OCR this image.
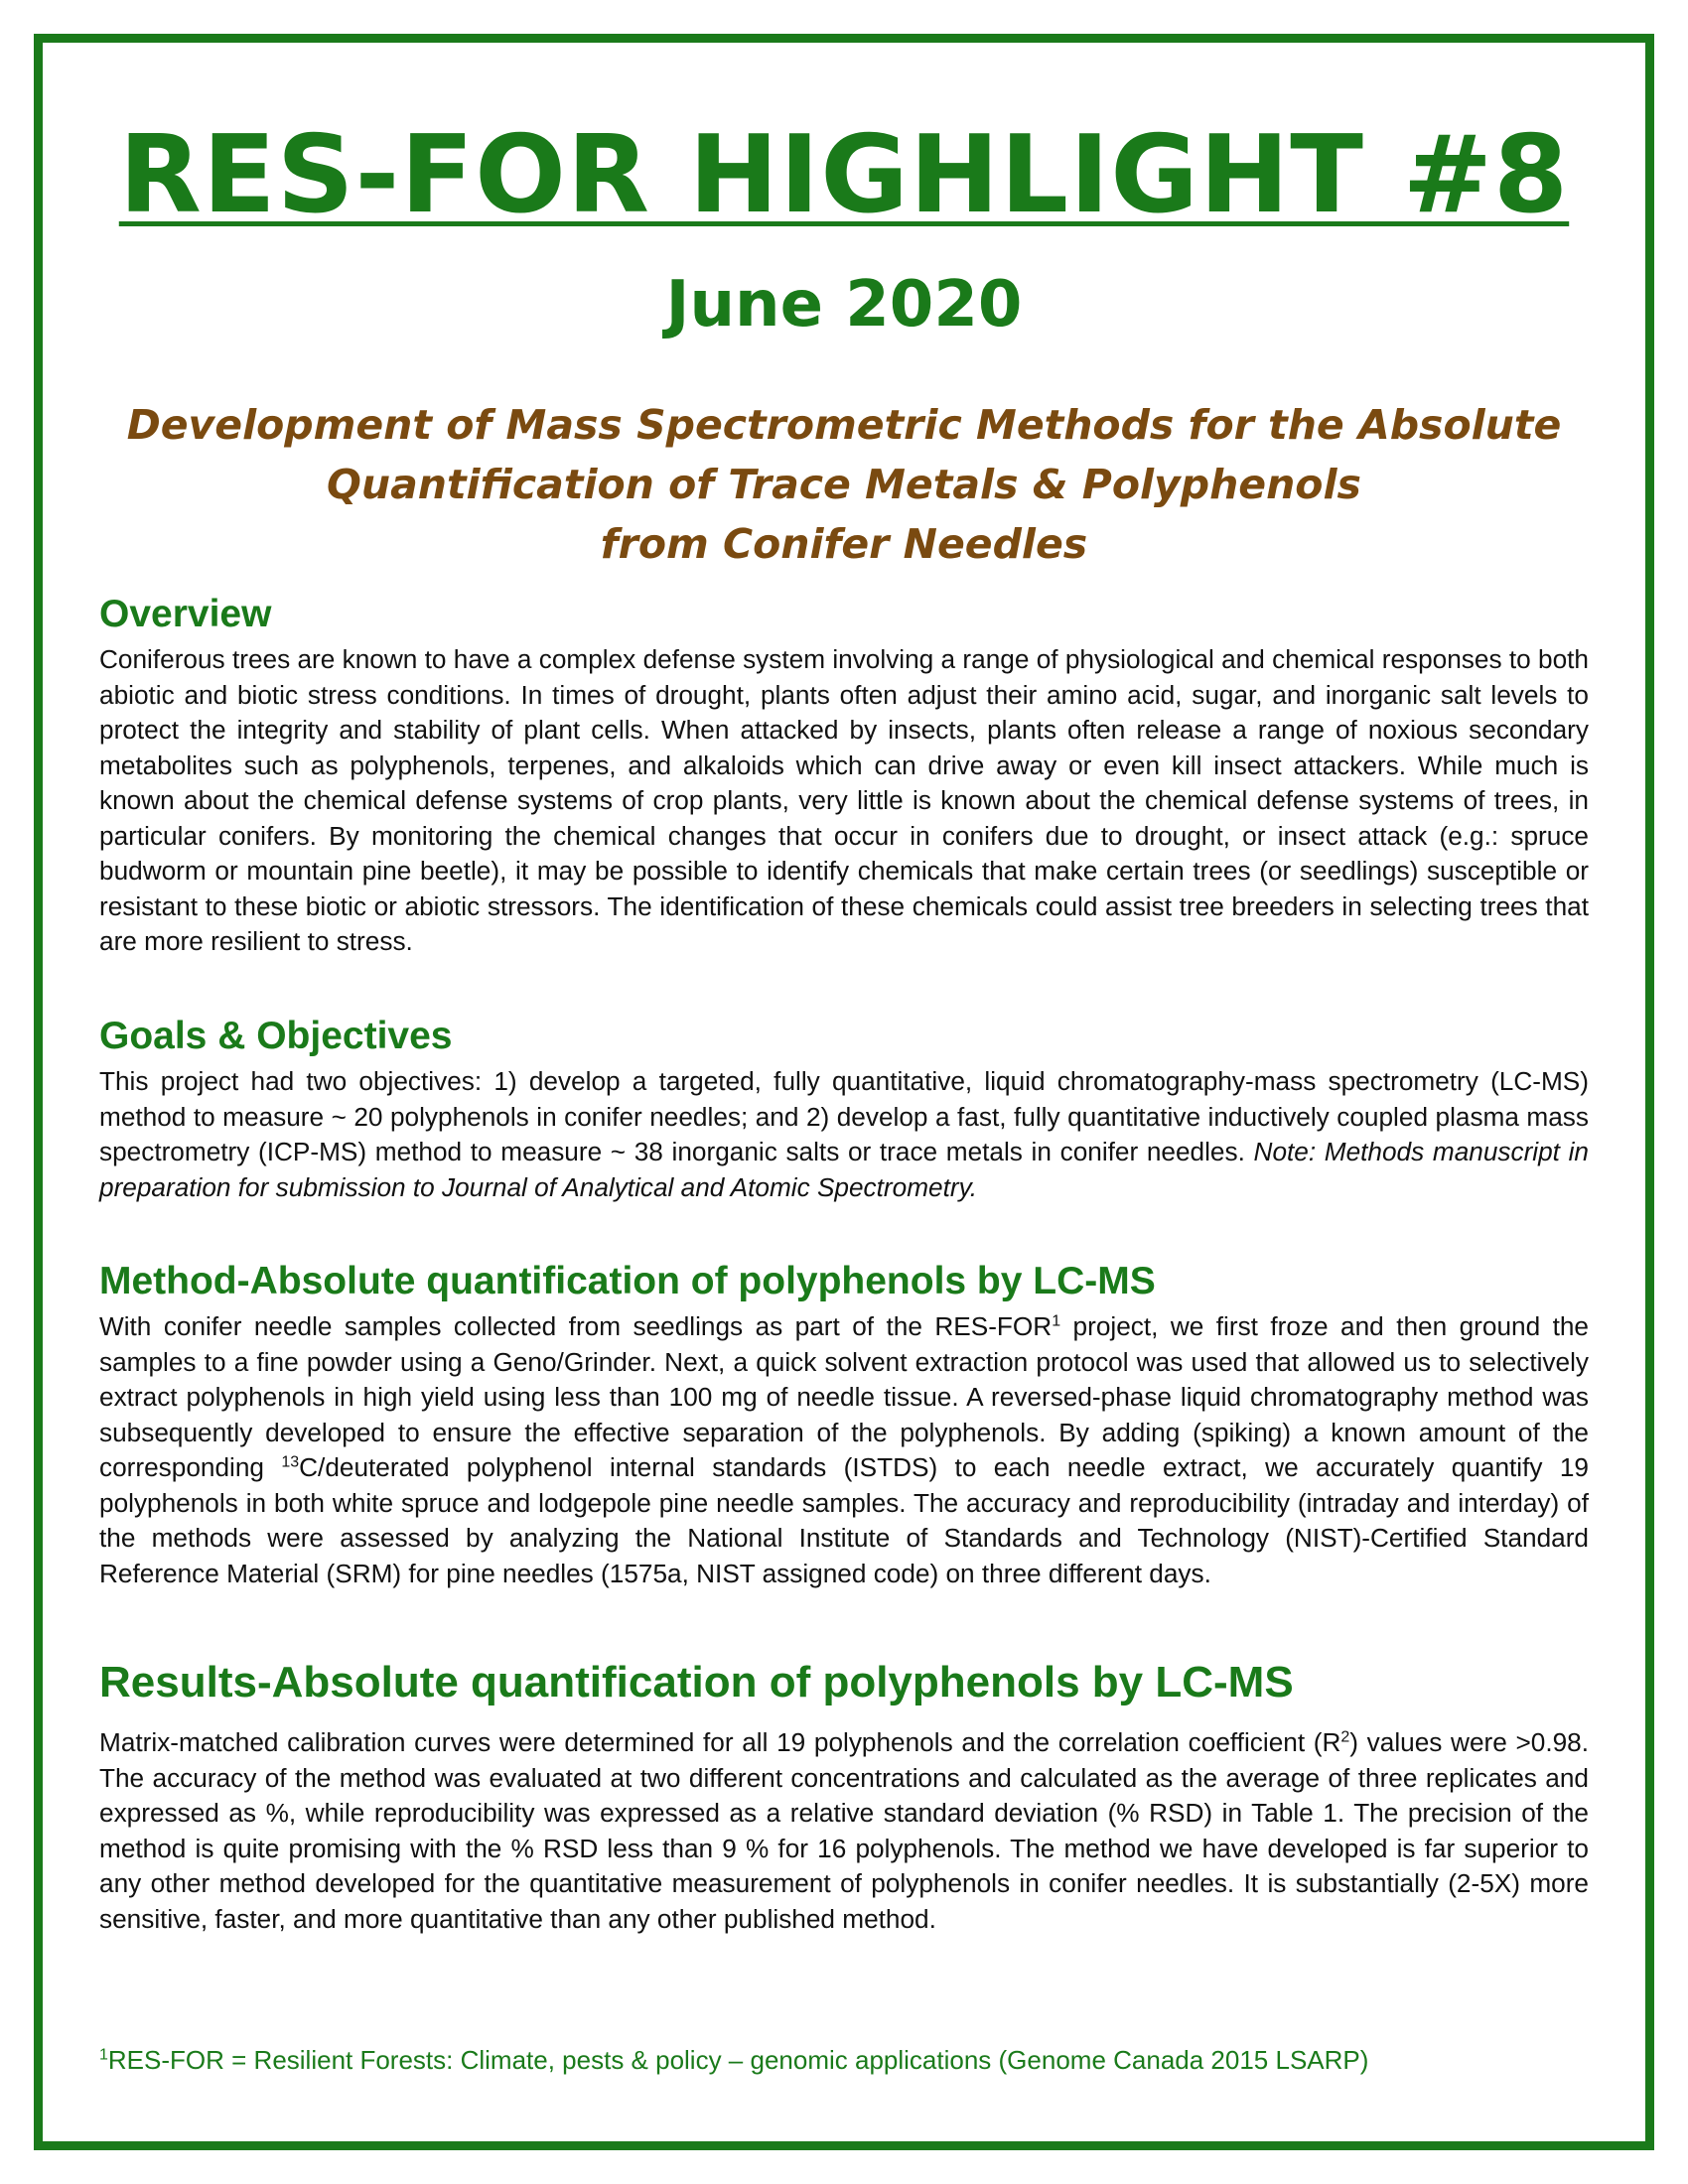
RES-FOR HIGHLIGHT #8
June 2020
Development of Mass Spectrometric Methods for the Absolute
Quantification of Trace Metals & Polyphenols
from Conifer Needles
Overview

Coniferous trees are known to have a complex defense system involving a range of physiological and chemical responses to both abiotic and biotic stress conditions. In times of drought, plants often adjust their amino acid, sugar, and inorganic salt levels to protect the integrity and stability of plant cells. When attacked by insects, plants often release a range of noxious secondary metabolites such as polyphenols, terpenes, and alkaloids which can drive away or even kill insect attackers. While much is known about the chemical defense systems of crop plants, very little is known about the chemical defense systems of trees, in particular conifers. By monitoring the chemical changes that occur in conifers due to drought, or insect attack (e.g.: spruce budworm or mountain pine beetle), it may be possible to identify chemicals that make certain trees (or seedlings) susceptible or resistant to these biotic or abiotic stressors. The identification of these chemicals could assist tree breeders in selecting trees that are more resilient to stress.

Goals & Objectives

This project had two objectives: 1) develop a targeted, fully quantitative, liquid chromatography-mass spectrometry (LC-MS) method to measure ~ 20 polyphenols in conifer needles; and 2) develop a fast, fully quantitative inductively coupled plasma mass spectrometry (ICP-MS) method to measure ~ 38 inorganic salts or trace metals in conifer needles. Note: Methods manuscript in preparation for submission to Journal of Analytical and Atomic Spectrometry.

Method-Absolute quantification of polyphenols by LC-MS

With conifer needle samples collected from seedlings as part of the RES-FOR$^1$ project, we first froze and then ground the samples to a fine powder using a Geno/Grinder. Next, a quick solvent extraction protocol was used that allowed us to selectively extract polyphenols in high yield using less than 100 mg of needle tissue. A reversed-phase liquid chromatography method was subsequently developed to ensure the effective separation of the polyphenols. By adding (spiking) a known amount of the corresponding $^{13}$C/deuterated polyphenol internal standards (ISTDS) to each needle extract, we accurately quantify 19 polyphenols in both white spruce and lodgepole pine needle samples. The accuracy and reproducibility (intraday and interday) of the methods were assessed by analyzing the National Institute of Standards and Technology (NIST)-Certified Standard Reference Material (SRM) for pine needles (1575a, NIST assigned code) on three different days.

Results-Absolute quantification of polyphenols by LC-MS

Matrix-matched calibration curves were determined for all 19 polyphenols and the correlation coefficient $(R^2)$ values were >0.98. The accuracy of the method was evaluated at two different concentrations and calculated as the average of three replicates and expressed as %, while reproducibility was expressed as a relative standard deviation (% RSD) in Table 1. The precision of the method is quite promising with the % RSD less than 9 % for 16 polyphenols. The method we have developed is far superior to any other method developed for the quantitative measurement of polyphenols in conifer needles. It is substantially (2-5X) more sensitive, faster, and more quantitative than any other published method.

$^1$RES-FOR = Resilient Forests: Climate, pests & policy – genomic applications (Genome Canada 2015 LSARP)
